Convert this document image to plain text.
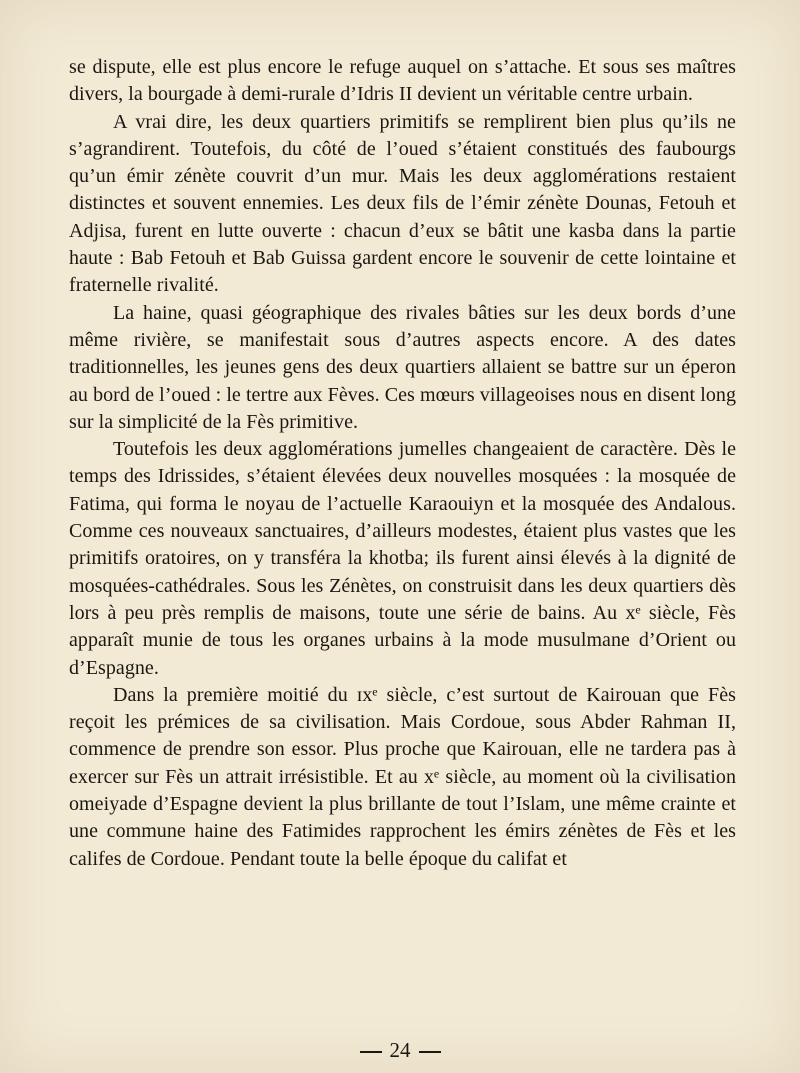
se dispute, elle est plus encore le refuge auquel on s’attache. Et sous ses maîtres divers, la bourgade à demi-rurale d’Idris II devient un véritable centre urbain.

A vrai dire, les deux quartiers primitifs se remplirent bien plus qu’ils ne s’agrandirent. Toutefois, du côté de l’oued s’étaient constitués des faubourgs qu’un émir zénète couvrit d’un mur. Mais les deux agglomérations restaient distinctes et souvent ennemies. Les deux fils de l’émir zénète Dounas, Fetouh et Adjisa, furent en lutte ouverte : chacun d’eux se bâtit une kasba dans la partie haute : Bab Fetouh et Bab Guissa gardent encore le souvenir de cette lointaine et fraternelle rivalité.

La haine, quasi géographique des rivales bâties sur les deux bords d’une même rivière, se manifestait sous d’autres aspects encore. A des dates traditionnelles, les jeunes gens des deux quartiers allaient se battre sur un éperon au bord de l’oued : le tertre aux Fèves. Ces mœurs villageoises nous en disent long sur la simplicité de la Fès primitive.

Toutefois les deux agglomérations jumelles changeaient de caractère. Dès le temps des Idrissides, s’étaient élevées deux nouvelles mosquées : la mosquée de Fatima, qui forma le noyau de l’actuelle Karaouiyn et la mosquée des Andalous. Comme ces nouveaux sanctuaires, d’ailleurs modestes, étaient plus vastes que les primitifs oratoires, on y transféra la khotba; ils furent ainsi élevés à la dignité de mosquées-cathédrales. Sous les Zénètes, on construisit dans les deux quartiers dès lors à peu près remplis de maisons, toute une série de bains. Au xᵉ siècle, Fès apparaît munie de tous les organes urbains à la mode musulmane d’Orient ou d’Espagne.

Dans la première moitié du ɪxᵉ siècle, c’est surtout de Kairouan que Fès reçoit les prémices de sa civilisation. Mais Cordoue, sous Abder Rahman II, commence de prendre son essor. Plus proche que Kairouan, elle ne tardera pas à exercer sur Fès un attrait irrésistible. Et au xᵉ siècle, au moment où la civilisation omeiyade d’Espagne devient la plus brillante de tout l’Islam, une même crainte et une commune haine des Fatimides rapprochent les émirs zénètes de Fès et les califes de Cordoue. Pendant toute la belle époque du califat et

24
